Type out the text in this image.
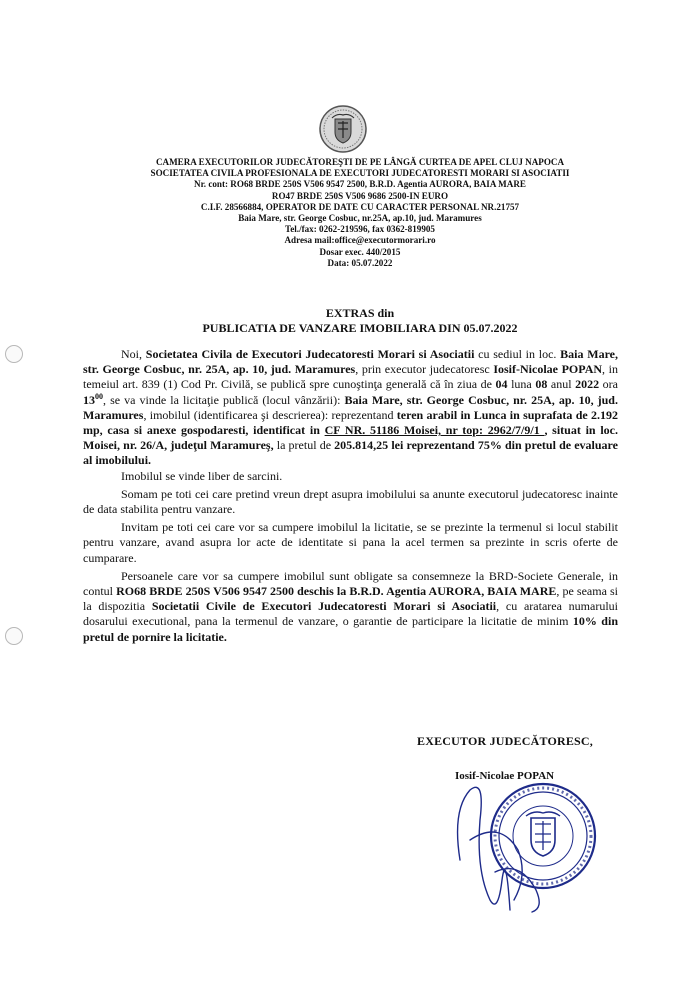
CAMERA EXECUTORILOR JUDECĂTOREŞTI DE PE LÂNGĂ CURTEA DE APEL CLUJ NAPOCA
SOCIETATEA CIVILA PROFESIONALA DE EXECUTORI JUDECATORESTI MORARI SI ASOCIATII
Nr. cont: RO68 BRDE 250S V506 9547 2500, B.R.D. Agentia AURORA, BAIA MARE
RO47 BRDE 250S V506 9686 2500-IN EURO
C.I.F. 28566884, OPERATOR DE DATE CU CARACTER PERSONAL NR.21757
Baia Mare, str. George Cosbuc, nr.25A, ap.10, jud. Maramures
Tel./fax: 0262-219596, fax 0362-819905
Adresa mail:office@executormorari.ro
Dosar exec. 440/2015
Data: 05.07.2022
EXTRAS din
PUBLICATIA DE VANZARE IMOBILIARA DIN 05.07.2022

Noi, Societatea Civila de Executori Judecatoresti Morari si Asociatii cu sediul in loc. Baia Mare, str. George Cosbuc, nr. 25A, ap. 10, jud. Maramures, prin executor judecatoresc Iosif-Nicolae POPAN, in temeiul art. 839 (1) Cod Pr. Civilă, se publică spre cunoştinţa generală că în ziua de 04 luna 08 anul 2022 ora $13^{00}$, se va vinde la licitaţie publică (locul vânzării): Baia Mare, str. George Cosbuc, nr. 25A, ap. 10, jud. Maramures, imobilul (identificarea şi descrierea): reprezentand teren arabil in Lunca in suprafata de 2.192 mp, casa si anexe gospodaresti, identificat in CF NR. 51186 Moisei, nr top: 2962/7/9/1 , situat in loc. Moisei, nr. 26/A, judeţul Maramureş, la pretul de 205.814,25 lei reprezentand 75% din pretul de evaluare al imobilului.

Imobilul se vinde liber de sarcini.

Somam pe toti cei care pretind vreun drept asupra imobilului sa anunte executorul judecatoresc inainte de data stabilita pentru vanzare.

Invitam pe toti cei care vor sa cumpere imobilul la licitatie, se se prezinte la termenul si locul stabilit pentru vanzare, avand asupra lor acte de identitate si pana la acel termen sa prezinte in scris oferte de cumparare.

Persoanele care vor sa cumpere imobilul sunt obligate sa consemneze la BRD-Societe Generale, in contul RO68 BRDE 250S V506 9547 2500 deschis la B.R.D. Agentia AURORA, BAIA MARE, pe seama si la dispozitia Societatii Civile de Executori Judecatoresti Morari si Asociatii, cu aratarea numarului dosarului executional, pana la termenul de vanzare, o garantie de participare la licitatie de minim 10% din pretul de pornire la licitatie.

EXECUTOR JUDECĂTORESC,
Iosif-Nicolae POPAN
